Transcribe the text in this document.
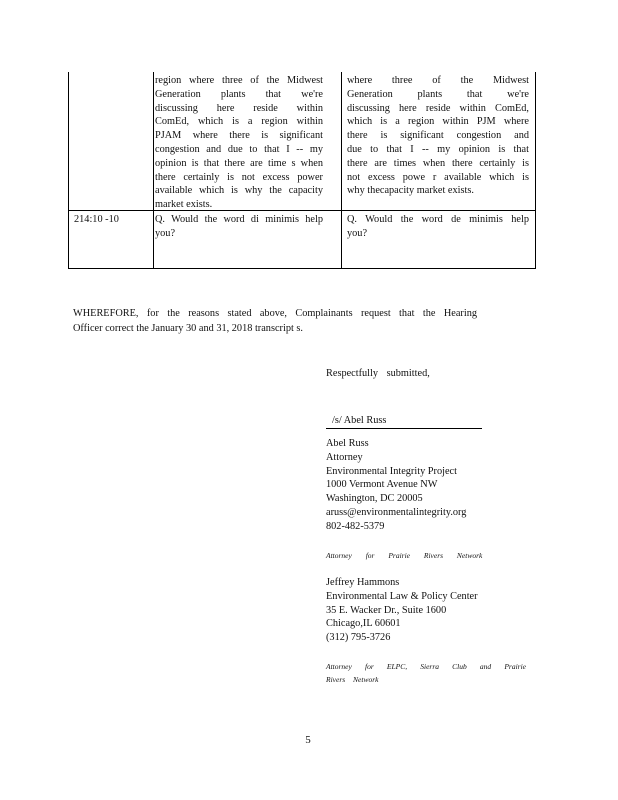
region where three of the Midwest
Generation plants that we're
discussing here reside within
ComEd, which is a region within
PJAM where there is significant
congestion and due to that I -- my
opinion is that there are time s when
there certainly is not excess power
available which is why the capacity
market exists.
where three of the Midwest
Generation plants that we're
discussing here reside within ComEd,
which is a region within PJM where
there is significant congestion and
due to that I -- my opinion is that
there are times when there certainly is
not excess powe r available which is
why thecapacity market exists.
214:10 -10	Q. Would the word di minimis help
you?
Q. Would the word de minimis help
you?
WHEREFORE, for the reasons stated above, Complainants request that the Hearing
Officer correct the January 30 and 31, 2018 transcript s.
Respectfully submitted,
/s/ Abel Russ
Abel Russ
Attorney
Environmental Integrity Project
1000 Vermont Avenue NW
Washington, DC 20005
aruss@environmentalintegrity.org
802-482-5379
Attorney for Prairie Rivers Network
Jeffrey Hammons
Environmental Law & Policy Center
35 E. Wacker Dr., Suite 1600
Chicago,IL 60601
(312) 795-3726
Attorney for ELPC, Sierra Club and Prairie
Rivers Network
5
